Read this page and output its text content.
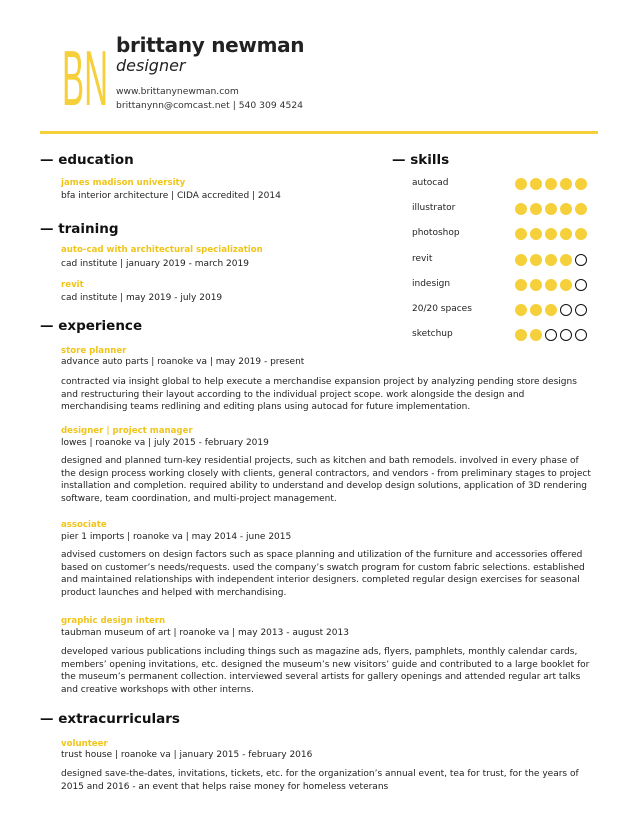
BN brittany newman
designer
www.brittanynewman.com
brittanynn@comcast.net | 540 309 4524
— education
james madison university
bfa interior architecture | CIDA accredited | 2014
— training
auto-cad with architectural specialization
cad institute | january 2019 - march 2019
revit
cad institute | may 2019 - july 2019
— skills
autocad
illustrator
photoshop
revit
indesign
20/20 spaces
sketchup
— experience
store planner
advance auto parts | roanoke va | may 2019 - present
contracted via insight global to help execute a merchandise expansion project by analyzing pending store designs and restructuring their layout according to the individual project scope. work alongside the design and merchandising teams redlining and editing plans using autocad for future implementation.
designer | project manager
lowes | roanoke va | july 2015 - february 2019
designed and planned turn-key residential projects, such as kitchen and bath remodels. involved in every phase of the design process working closely with clients, general contractors, and vendors - from preliminary stages to project installation and completion. required ability to understand and develop design solutions, application of 3D rendering software, team coordination, and multi-project management.
associate
pier 1 imports | roanoke va | may 2014 - june 2015
advised customers on design factors such as space planning and utilization of the furniture and accessories offered based on customer’s needs/requests. used the company’s swatch program for custom fabric selections. established and maintained relationships with independent interior designers. completed regular design exercises for seasonal product launches and helped with merchandising.
graphic design intern
taubman museum of art | roanoke va | may 2013 - august 2013
developed various publications including things such as magazine ads, flyers, pamphlets, monthly calendar cards, members’ opening invitations, etc. designed the museum’s new visitors’ guide and contributed to a large booklet for the museum’s permanent collection. interviewed several artists for gallery openings and attended regular art talks and creative workshops with other interns.
— extracurriculars
volunteer
trust house | roanoke va | january 2015 - february 2016
designed save-the-dates, invitations, tickets, etc. for the organization’s annual event, tea for trust, for the years of 2015 and 2016 - an event that helps raise money for homeless veterans
